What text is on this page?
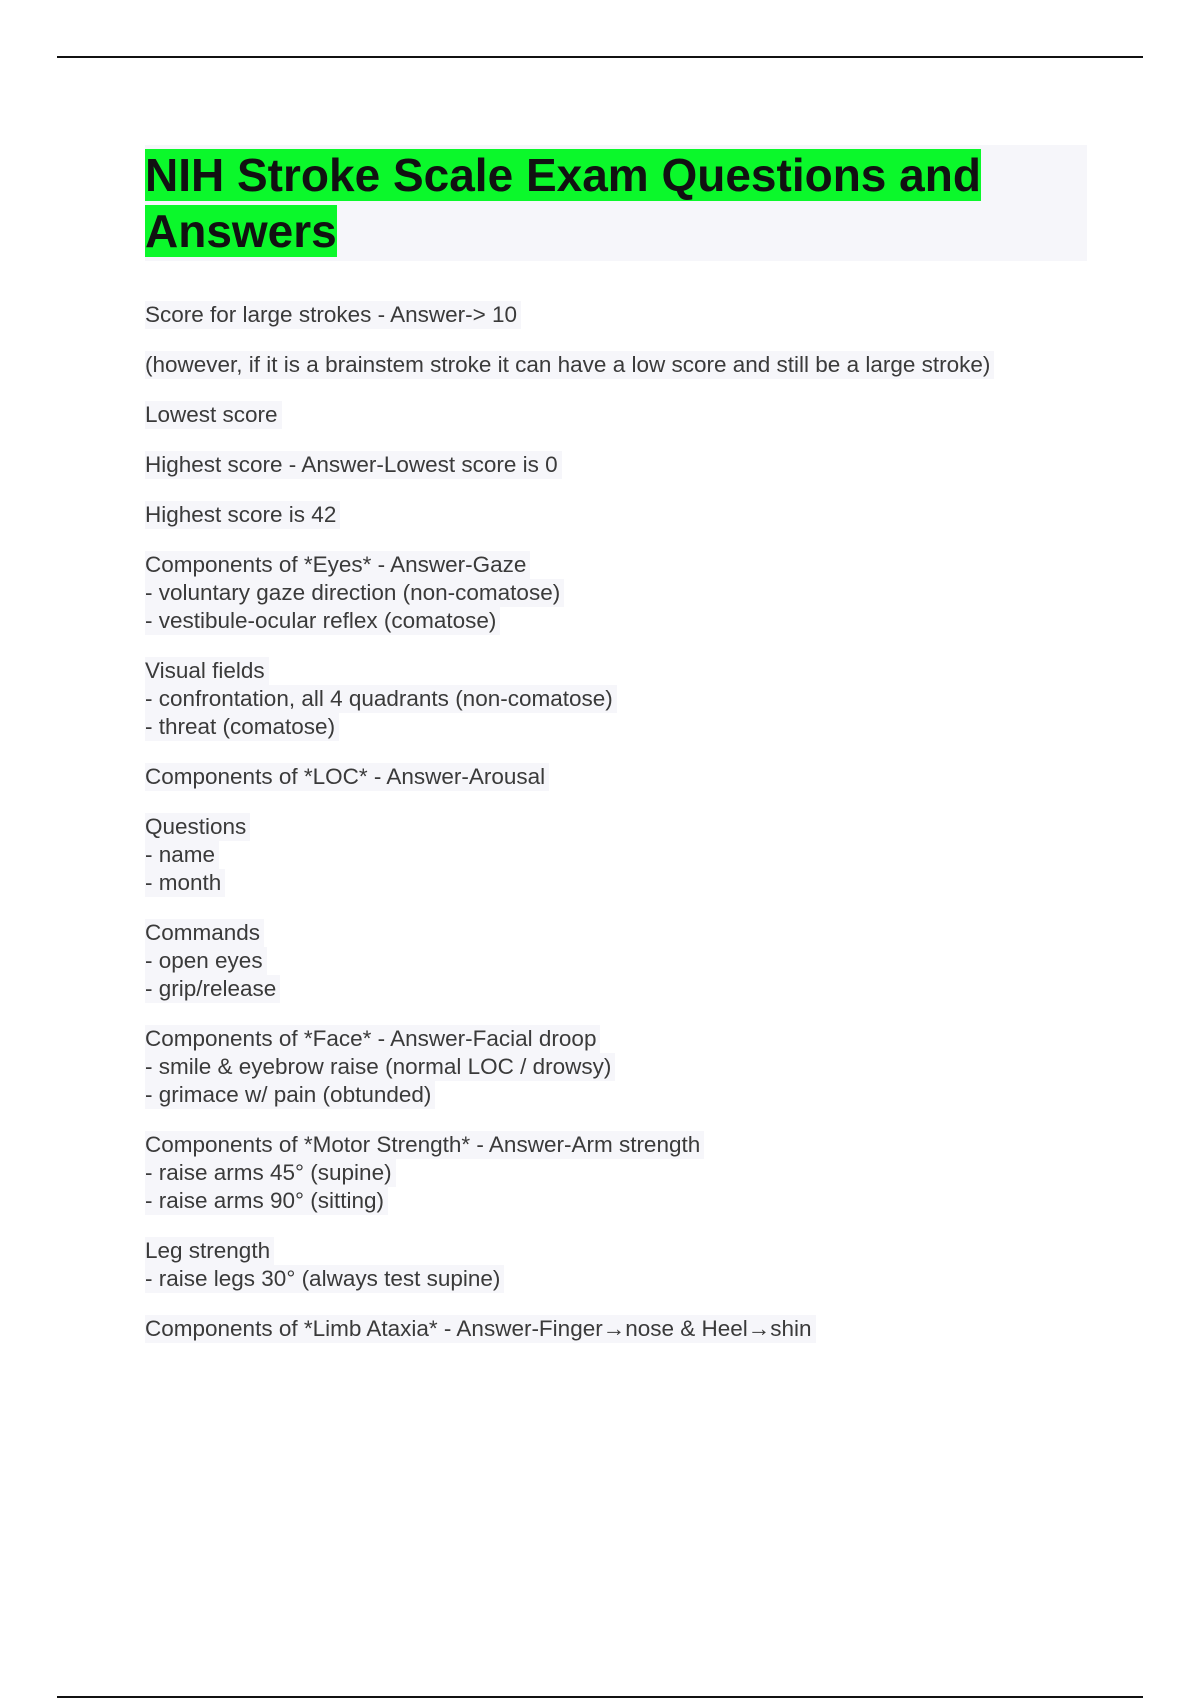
NIH Stroke Scale Exam Questions and Answers
Score for large strokes - Answer-> 10
(however, if it is a brainstem stroke it can have a low score and still be a large stroke)
Lowest score
Highest score - Answer-Lowest score is 0
Highest score is 42
Components of *Eyes* - Answer-Gaze
- voluntary gaze direction (non-comatose)
- vestibule-ocular reflex (comatose)
Visual fields
- confrontation, all 4 quadrants (non-comatose)
- threat (comatose)
Components of *LOC* - Answer-Arousal
Questions
- name
- month
Commands
- open eyes
- grip/release
Components of *Face* - Answer-Facial droop
- smile & eyebrow raise (normal LOC / drowsy)
- grimace w/ pain (obtunded)
Components of *Motor Strength* - Answer-Arm strength
- raise arms 45° (supine)
- raise arms 90° (sitting)
Leg strength
- raise legs 30° (always test supine)
Components of *Limb Ataxia* - Answer-Finger→nose & Heel→shin
